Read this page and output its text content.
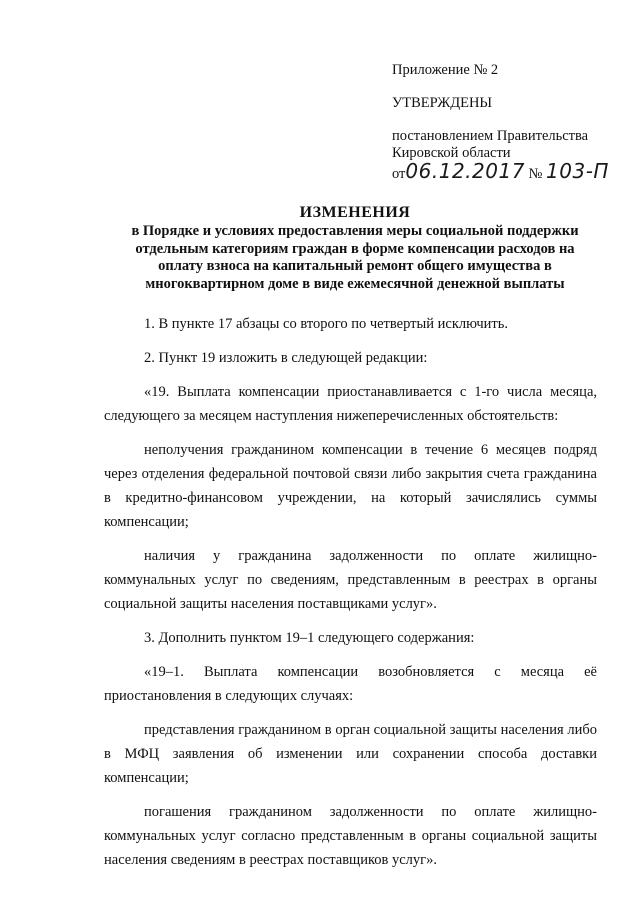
Приложение № 2
УТВЕРЖДЕНЫ
постановлением Правительства
Кировской области
от06.12.2017 № 103-П
ИЗМЕНЕНИЯ
в Порядке и условиях предоставления меры социальной поддержки
отдельным категориям граждан в форме компенсации расходов на
оплату взноса на капитальный ремонт общего имущества в
многоквартирном доме в виде ежемесячной денежной выплаты

1. В пункте 17 абзацы со второго по четвертый исключить.

2. Пункт 19 изложить в следующей редакции:

«19. Выплата компенсации приостанавливается с 1-го числа месяца, следующего за месяцем наступления нижеперечисленных обстоятельств:

неполучения гражданином компенсации в течение 6 месяцев подряд через отделения федеральной почтовой связи либо закрытия счета гражданина в кредитно-финансовом учреждении, на который зачислялись суммы компенсации;

наличия у гражданина задолженности по оплате жилищно-коммунальных услуг по сведениям, представленным в реестрах в органы социальной защиты населения поставщиками услуг».

3. Дополнить пунктом 19–1 следующего содержания:

«19–1. Выплата компенсации возобновляется с месяца её приостановления в следующих случаях:

представления гражданином в орган социальной защиты населения либо в МФЦ заявления об изменении или сохранении способа доставки компенсации;

погашения гражданином задолженности по оплате жилищно-коммунальных услуг согласно представленным в органы социальной защиты населения сведениям в реестрах поставщиков услуг».
